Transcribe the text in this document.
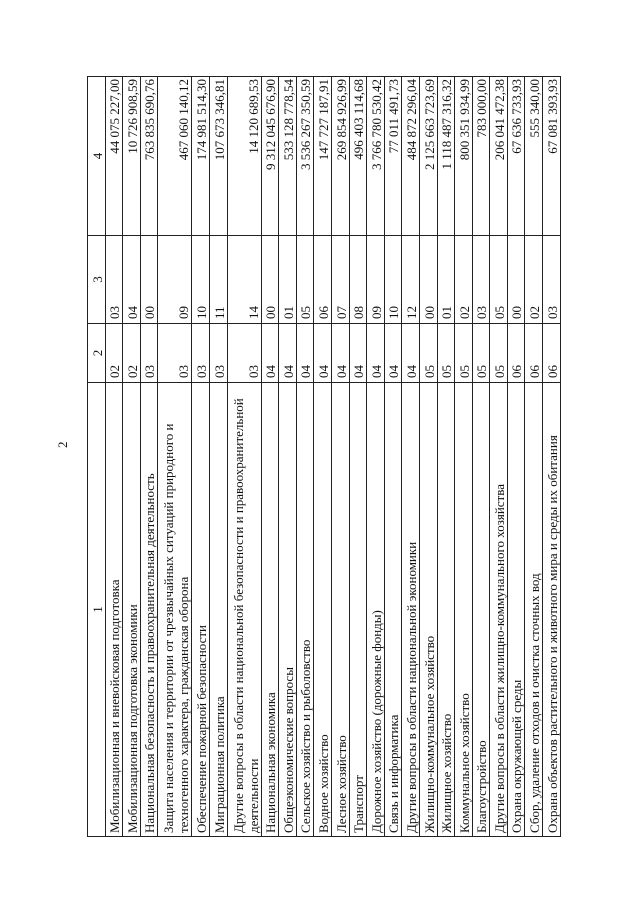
2
1	2	3	4
Мобилизационная и вневойсковая подготовка	02	03	44 075 227,00
Мобилизационная подготовка экономики	02	04	10 726 908,59
Национальная безопасность и правоохранительная деятельность	03	00	763 835 690,76
Защита населения и территории от чрезвычайных ситуаций природного и техногенного характера, гражданская оборона	03	09	467 060 140,12
Обеспечение пожарной безопасности	03	10	174 981 514,30
Миграционная политика	03	11	107 673 346,81
Другие вопросы в области национальной безопасности и правоохранительной деятельности	03	14	14 120 689,53
Национальная экономика	04	00	9 312 045 676,90
Общеэкономические вопросы	04	01	533 128 778,54
Сельское хозяйство и рыболовство	04	05	3 536 267 350,59
Водное хозяйство	04	06	147 727 187,91
Лесное хозяйство	04	07	269 854 926,99
Транспорт	04	08	496 403 114,68
Дорожное хозяйство (дорожные фонды)	04	09	3 766 780 530,42
Связь и информатика	04	10	77 011 491,73
Другие вопросы в области национальной экономики	04	12	484 872 296,04
Жилищно-коммунальное хозяйство	05	00	2 125 663 723,69
Жилищное хозяйство	05	01	1 118 487 316,32
Коммунальное хозяйство	05	02	800 351 934,99
Благоустройство	05	03	783 000,00
Другие вопросы в области жилищно-коммунального хозяйства	05	05	206 041 472,38
Охрана окружающей среды	06	00	67 636 733,93
Сбор, удаление отходов и очистка сточных вод	06	02	555 340,00
Охрана объектов растительного и животного мира и среды их обитания	06	03	67 081 393,93
